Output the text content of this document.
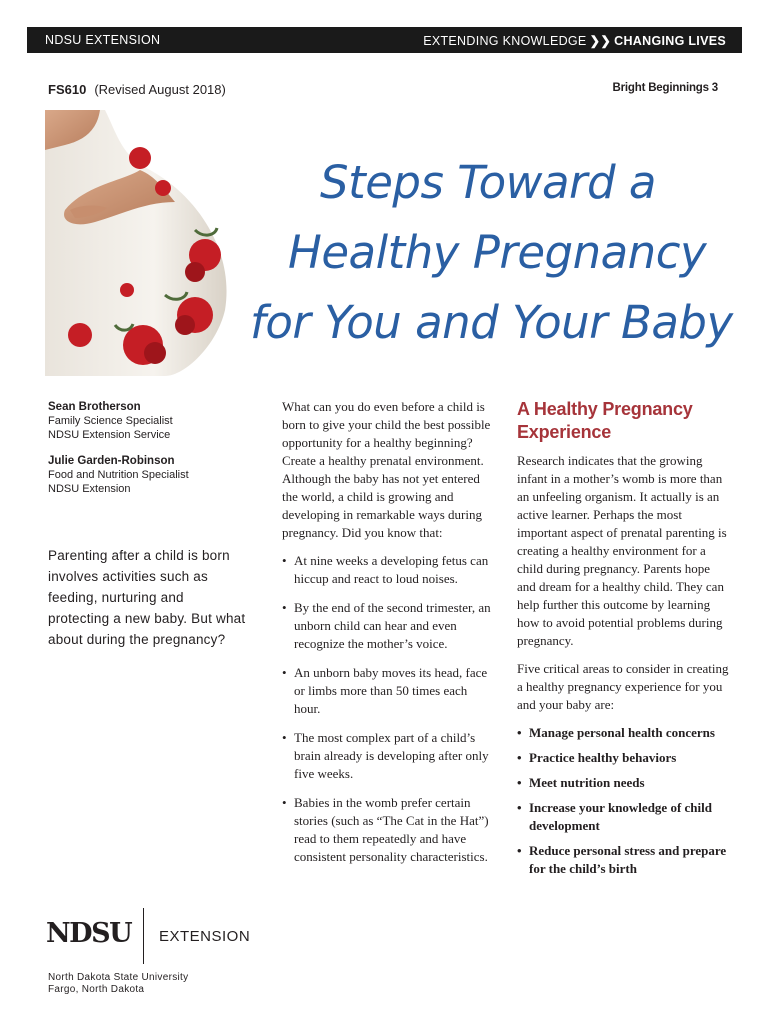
NDSU EXTENSION	EXTENDING KNOWLEDGE ❯❯ CHANGING LIVES
FS610 (Revised August 2018)	Bright Beginnings 3
Steps Toward a
Healthy Pregnancy
for You and Your Baby
Sean Brotherson
Family Science Specialist
NDSU Extension Service
Julie Garden-Robinson
Food and Nutrition Specialist
NDSU Extension
Parenting after a child is born involves activities such as feeding, nurturing and protecting a new baby. But what about during the pregnancy?

What can you do even before a child is born to give your child the best possible opportunity for a healthy beginning? Create a healthy prenatal environment. Although the baby has not yet entered the world, a child is growing and developing in remarkable ways during pregnancy. Did you know that:

• At nine weeks a developing fetus can hiccup and react to loud noises.
• By the end of the second trimester, an unborn child can hear and even recognize the mother’s voice.
• An unborn baby moves its head, face or limbs more than 50 times each hour.
• The most complex part of a child’s brain already is developing after only five weeks.
• Babies in the womb prefer certain stories (such as “The Cat in the Hat”) read to them repeatedly and have consistent personality characteristics.
A Healthy Pregnancy Experience

Research indicates that the growing infant in a mother’s womb is more than an unfeeling organism. It actually is an active learner. Perhaps the most important aspect of prenatal parenting is creating a healthy environment for a child during pregnancy. Parents hope and dream for a healthy child. They can help further this outcome by learning how to avoid potential problems during pregnancy.

Five critical areas to consider in creating a healthy pregnancy experience for you and your baby are:

• Manage personal health concerns
• Practice healthy behaviors
• Meet nutrition needs
• Increase your knowledge of child development
• Reduce personal stress and prepare for the child’s birth
NDSU EXTENSION
North Dakota State University
Fargo, North Dakota
